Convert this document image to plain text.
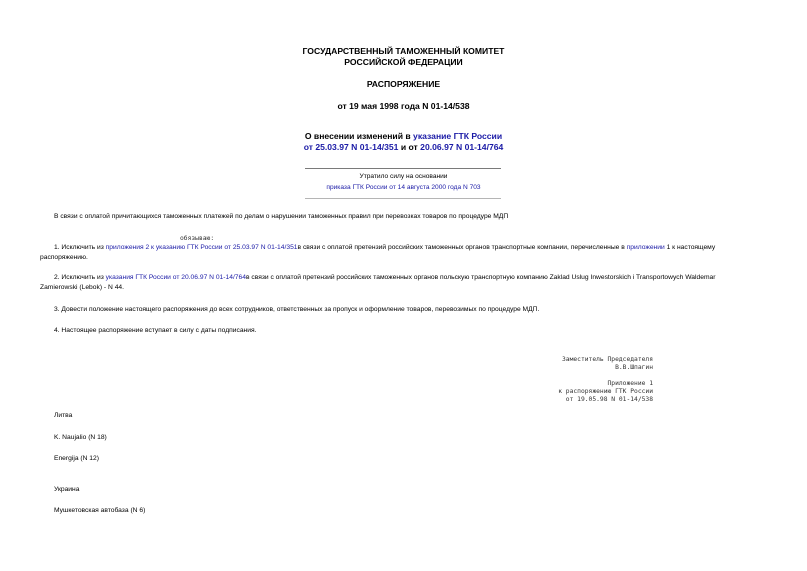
ГОСУДАРСТВЕННЫЙ ТАМОЖЕННЫЙ КОМИТЕТ
РОССИЙСКОЙ ФЕДЕРАЦИИ
РАСПОРЯЖЕНИЕ
от 19 мая 1998 года N 01-14/538
О внесении изменений в указание ГТК России
от 25.03.97 N 01-14/351 и от 20.06.97 N 01-14/764
Утратило силу на основании
приказа ГТК России от 14 августа 2000 года N 703
В связи с оплатой причитающихся таможенных платежей по делам о нарушении таможенных правил при перевозках товаров по процедуре МДП
обязываю:
1. Исключить из приложения 2 к указанию ГТК России от 25.03.97 N 01-14/351в связи с оплатой претензий российских таможенных органов транспортные компании, перечисленные в приложении 1 к настоящему
распоряжению.
2. Исключить из указания ГТК России от 20.06.97 N 01-14/764в связи с оплатой претензий российских таможенных органов польскую транспортную компанию Zaklad Uslug Inwestorskich i Transportowych Waldemar
Zamierowski (Lebok) - N 44.
3. Довести положение настоящего распоряжения до всех сотрудников, ответственных за пропуск и оформление товаров, перевозимых по процедуре МДП.
4. Настоящее распоряжение вступает в силу с даты подписания.
Заместитель Председателя
В.В.Шпагин
Приложение 1
к распоряжению ГТК России
от 19.05.98 N 01-14/538
Литва
K. Naujalio (N 18)
Energija (N 12)
Украина
Мушкетовская автобаза (N 6)
